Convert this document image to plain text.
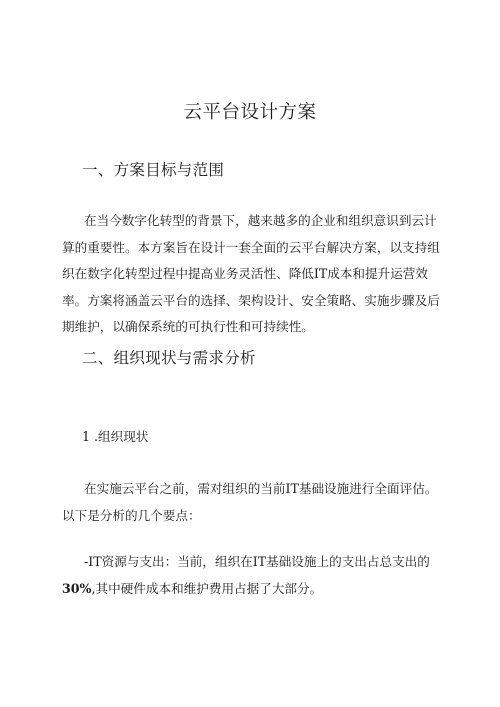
云平台设计方案
一、方案目标与范围
在当今数字化转型的背景下，越来越多的企业和组织意识到云计
算的重要性。本方案旨在设计一套全面的云平台解决方案，以支持组
织在数字化转型过程中提高业务灵活性、降低IT成本和提升运营效
率。方案将涵盖云平台的选择、架构设计、安全策略、实施步骤及后
期维护，以确保系统的可执行性和可持续性。
二、组织现状与需求分析
1 .组织现状
在实施云平台之前，需对组织的当前IT基础设施进行全面评估。
以下是分析的几个要点：
-IT资源与支出：当前，组织在IT基础设施上的支出占总支出的
30%,其中硬件成本和维护费用占据了大部分。
